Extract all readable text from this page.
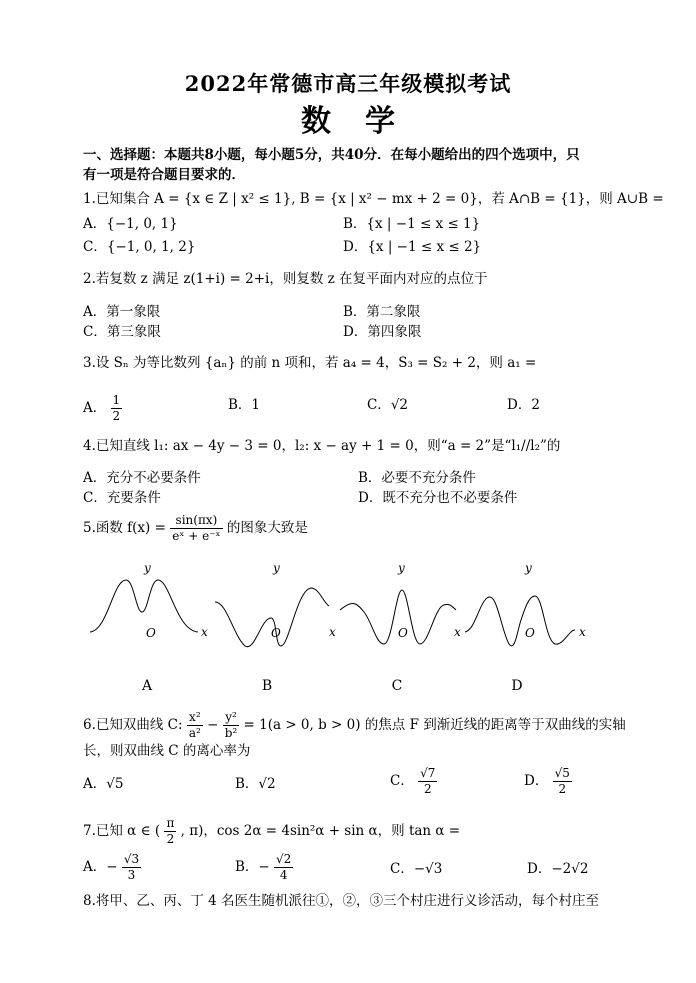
2022年常德市高三年级模拟考试
数学
一、选择题：本题共8小题，每小题5分，共40分．在每小题给出的四个选项中，只
有一项是符合题目要求的．
1.已知集合 A = {x ∈ Z | x² ≤ 1}, B = {x | x² − mx + 2 = 0}，若 A∩B = {1}，则 A∪B =
A．{−1, 0, 1}	B．{x | −1 ≤ x ≤ 1}
C．{−1, 0, 1, 2}	D．{x | −1 ≤ x ≤ 2}
2.若复数 z 满足 z(1+i) = 2+i，则复数 z 在复平面内对应的点位于
A．第一象限	B．第二象限
C．第三象限	D．第四象限
3.设 Sₙ 为等比数列 {aₙ} 的前 n 项和，若 a₄ = 4，S₃ = S₂ + 2，则 a₁ =
A． $\frac{1}{2}$	B．1	C．√2	D．2
4.已知直线 l₁: ax − 4y − 3 = 0，l₂: x − ay + 1 = 0，则“a = 2”是“l₁//l₂”的
A．充分不必要条件	B．必要不充分条件
C．充要条件	D．既不充分也不必要条件
5.函数 $f(x) = \frac{\sin(\pi x)}{\text{eˣ + e⁻ˣ}}$ 的图象大致是
y
O	x
y
O	x
y
O	x
y
O	x
A	B	C	D
6.已知双曲线 C: $\frac{\text{x²}}{\text{a²}} - \frac{\text{y²}}{\text{b²}} = 1(a > 0$, b > 0) 的焦点 F 到渐近线的距离等于双曲线的实轴
长，则双曲线 C 的离心率为
A．√5	B．√2	C． $\frac{√7}{2}$	D． $\frac{√5}{2}$
7.已知 α ∈ ( $\frac{\pi}{2}$ , π)，cos 2α = 4sin²α + sin α，则 tan α =
A．− $\frac{√3}{3}$	B．− $\frac{√2}{4}$	C．−√3	D．−2√2
8.将甲、乙、丙、丁 4 名医生随机派往①，②，③三个村庄进行义诊活动，每个村庄至
